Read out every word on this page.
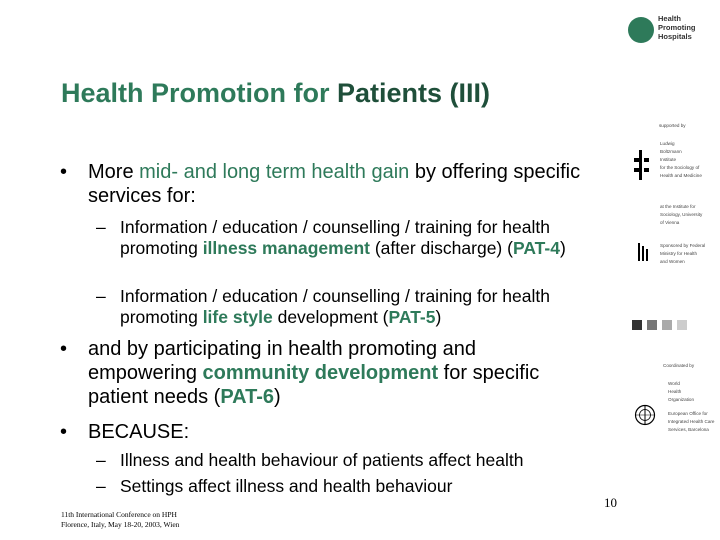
Health
Promoting
Hospitals
Health Promotion for Patients (III)
• More mid- and long term health gain by offering specific services for:
– Information / education / counselling / training for health promoting illness management (after discharge) (PAT-4)
– Information / education / counselling / training for health promoting life style development (PAT-5)
• and by participating in health promoting and empowering community development for specific patient needs (PAT-6)
• BECAUSE:
– Illness and health behaviour of patients affect health
– Settings affect illness and health behaviour
supported by
Ludwig
Boltzmann
Institute
for the Sociology of
Health and Medicine
at the Institute for
Sociology, University
of Vienna
Sponsored by Federal
Ministry for Health
and Women
Coordinated by
World
Health
Organization
European Office for
Integrated Health Care
Services, Barcelona
10
11th International Conference on HPH
Florence, Italy, May 18-20, 2003, Wien
